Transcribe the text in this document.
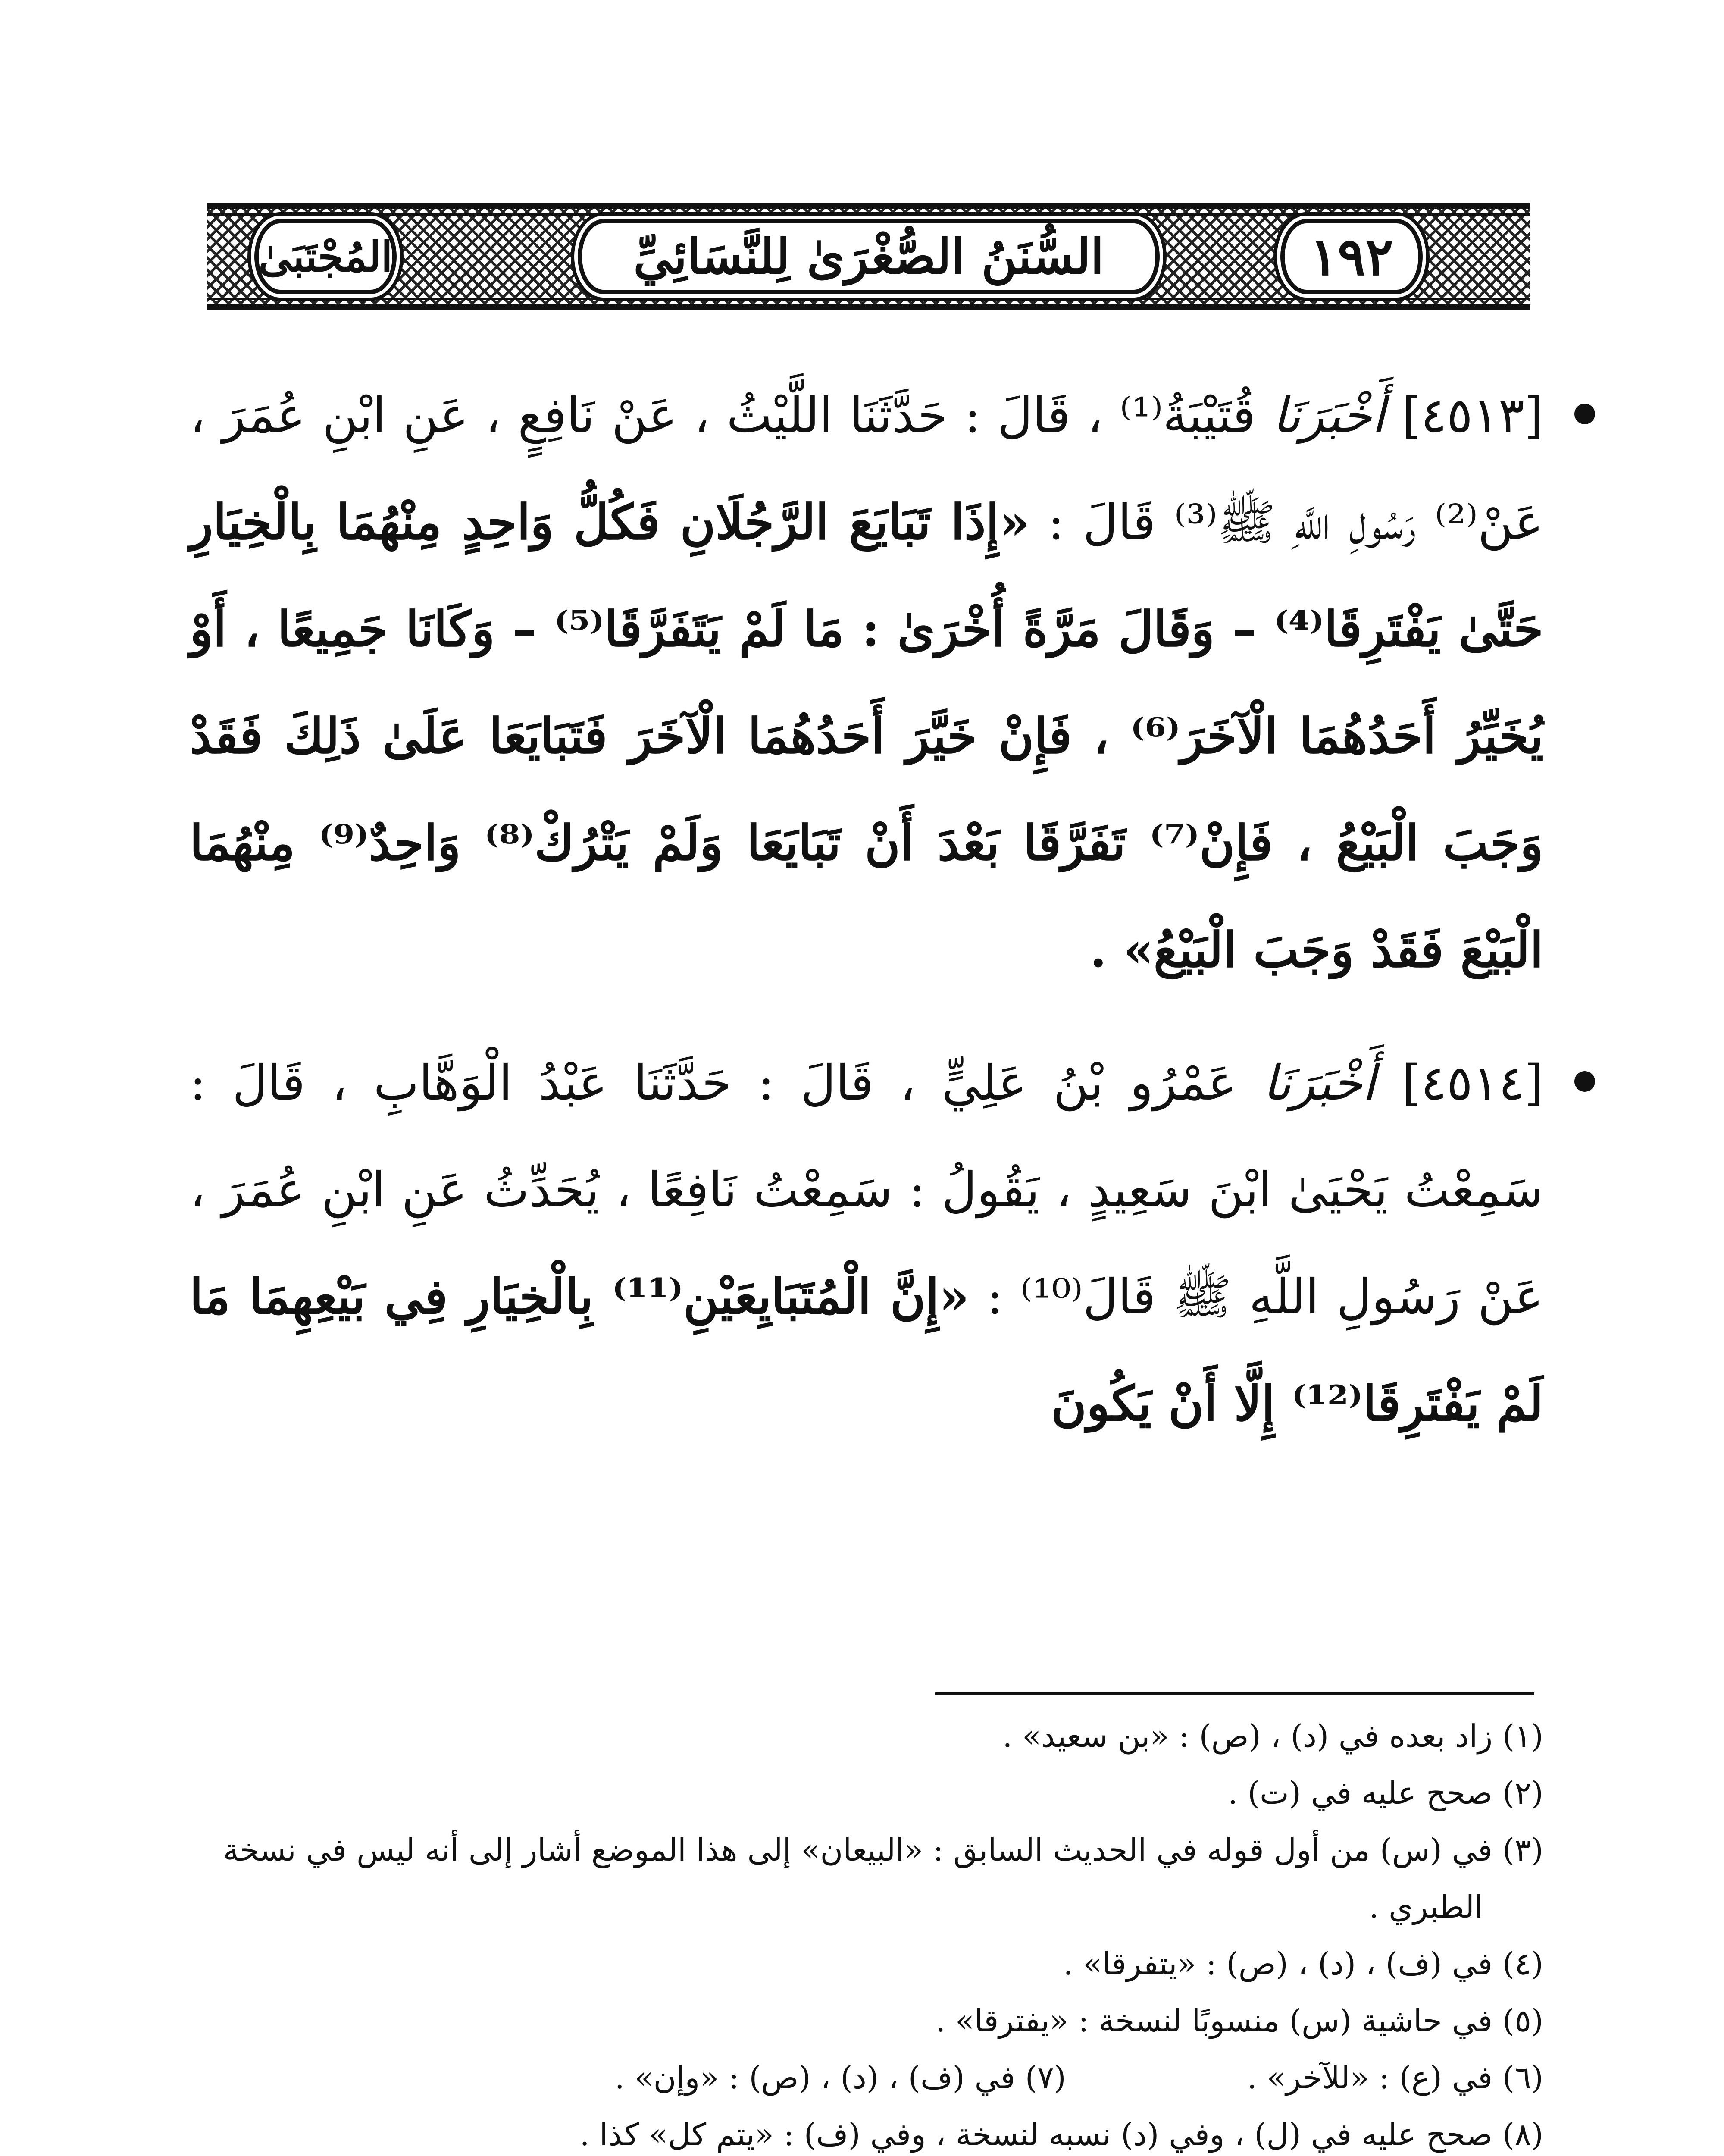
١٩٢
السُّنَنُ الصُّغْرَىٰ لِلنَّسَائِيِّ
المُجْتَبَىٰ

[٤٥١٣] أَخْبَرَنَا قُتَيْبَةُ⁽¹⁾ ، قَالَ : حَدَّثَنَا اللَّيْثُ ، عَنْ نَافِعٍ ، عَنِ ابْنِ عُمَرَ ، عَنْ⁽²⁾ رَسُولِ اللَّهِ ﷺ⁽³⁾ قَالَ : «إِذَا تَبَايَعَ الرَّجُلَانِ فَكُلُّ وَاحِدٍ مِنْهُمَا بِالْخِيَارِ حَتَّىٰ يَفْتَرِقَا⁽⁴⁾ – وَقَالَ مَرَّةً أُخْرَىٰ : مَا لَمْ يَتَفَرَّقَا⁽⁵⁾ – وَكَانَا جَمِيعًا ، أَوْ يُخَيِّرُ أَحَدُهُمَا الْآخَرَ⁽⁶⁾ ، فَإِنْ خَيَّرَ أَحَدُهُمَا الْآخَرَ فَتَبَايَعَا عَلَىٰ ذَلِكَ فَقَدْ وَجَبَ الْبَيْعُ ، فَإِنْ⁽⁷⁾ تَفَرَّقَا بَعْدَ أَنْ تَبَايَعَا وَلَمْ يَتْرُكْ⁽⁸⁾ وَاحِدٌ⁽⁹⁾ مِنْهُمَا الْبَيْعَ فَقَدْ وَجَبَ الْبَيْعُ» .

[٤٥١٤] أَخْبَرَنَا عَمْرُو بْنُ عَلِيٍّ ، قَالَ : حَدَّثَنَا عَبْدُ الْوَهَّابِ ، قَالَ : سَمِعْتُ يَحْيَىٰ ابْنَ سَعِيدٍ ، يَقُولُ : سَمِعْتُ نَافِعًا ، يُحَدِّثُ عَنِ ابْنِ عُمَرَ ، عَنْ رَسُولِ اللَّهِ ﷺ قَالَ⁽¹⁰⁾ : «إِنَّ الْمُتَبَايِعَيْنِ⁽¹¹⁾ بِالْخِيَارِ فِي بَيْعِهِمَا مَا لَمْ يَفْتَرِقَا⁽¹²⁾ إِلَّا أَنْ يَكُونَ

(١) زاد بعده في (د) ، (ص) : «بن سعيد» .

(٢) صحح عليه في (ت) .

(٣) في (س) من أول قوله في الحديث السابق : «البيعان» إلى هذا الموضع أشار إلى أنه ليس في نسخة الطبري .

(٤) في (ف) ، (د) ، (ص) : «يتفرقا» .

(٥) في حاشية (س) منسوبًا لنسخة : «يفترقا» .

(٦) في (ع) : «للآخر» .

(٧) في (ف) ، (د) ، (ص) : «وإن» .

(٨) صحح عليه في (ل) ، وفي (د) نسبه لنسخة ، وفي (ف) : «يتم كل» كذا .
